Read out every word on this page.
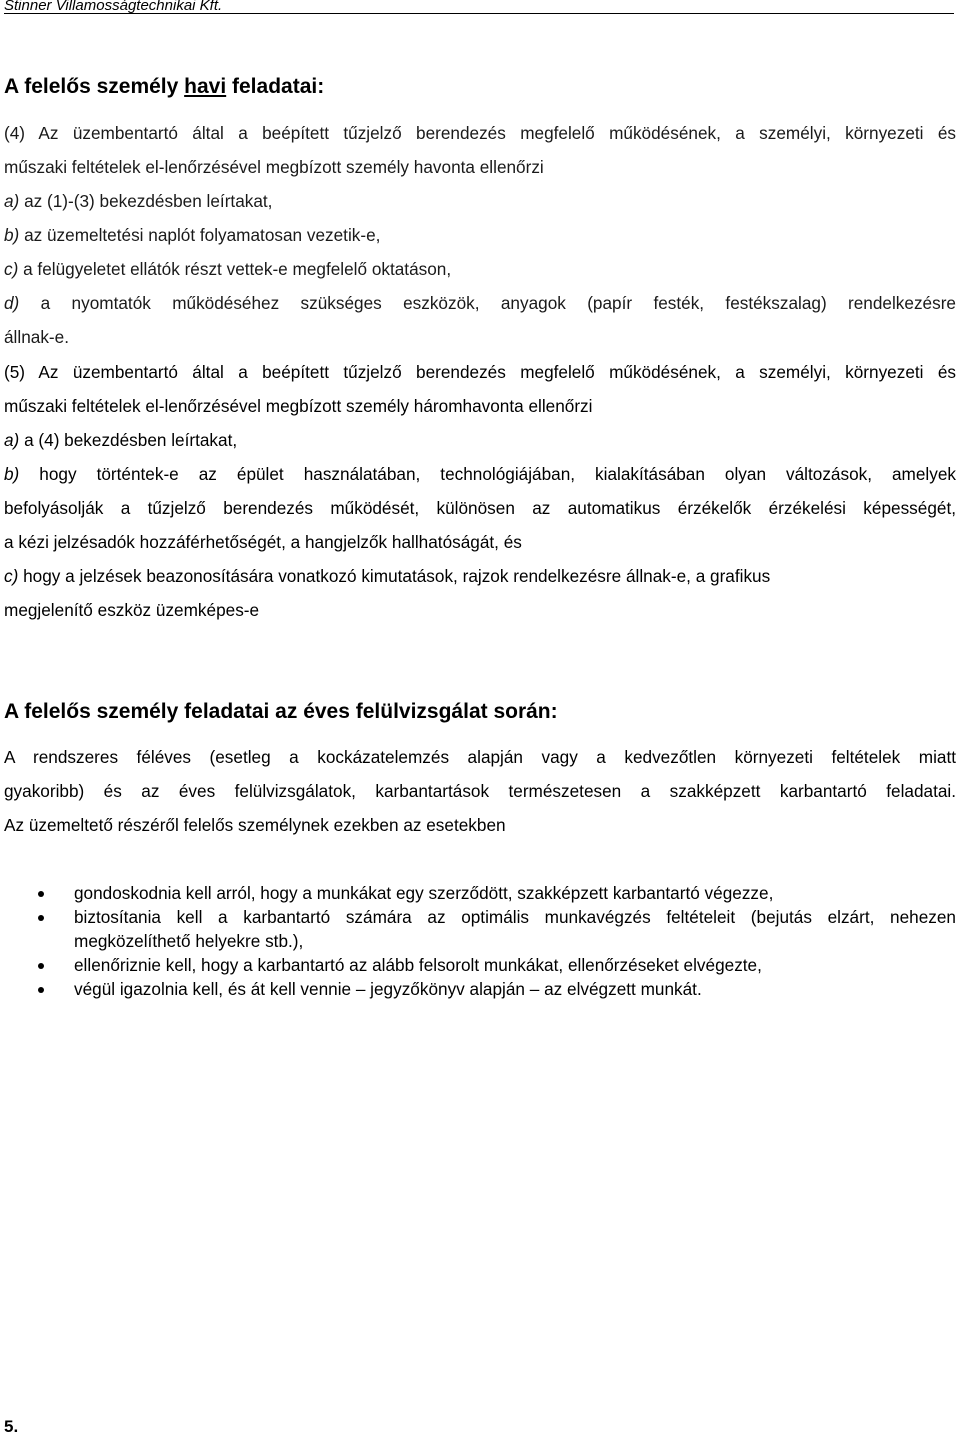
Stinner Villamosságtechnikai Kft.
A felelős személy havi feladatai:

(4) Az üzembentartó által a beépített tűzjelző berendezés megfelelő működésének, a személyi, környezeti és

műszaki feltételek el-lenőrzésével megbízott személy havonta ellenőrzi

a) az (1)-(3) bekezdésben leírtakat,

b) az üzemeltetési naplót folyamatosan vezetik-e,

c) a felügyeletet ellátók részt vettek-e megfelelő oktatáson,

d) a nyomtatók működéséhez szükséges eszközök, anyagok (papír festék, festékszalag) rendelkezésre

állnak-e.

(5) Az üzembentartó által a beépített tűzjelző berendezés megfelelő működésének, a személyi, környezeti és

műszaki feltételek el-lenőrzésével megbízott személy háromhavonta ellenőrzi

a) a (4) bekezdésben leírtakat,

b) hogy történtek-e az épület használatában, technológiájában, kialakításában olyan változások, amelyek

befolyásolják a tűzjelző berendezés működését, különösen az automatikus érzékelők érzékelési képességét,

a kézi jelzésadók hozzáférhetőségét, a hangjelzők hallhatóságát, és

c) hogy a jelzések beazonosítására vonatkozó kimutatások, rajzok rendelkezésre állnak-e, a grafikus

megjelenítő eszköz üzemképes-e

A felelős személy feladatai az éves felülvizsgálat során:

A rendszeres féléves (esetleg a kockázatelemzés alapján vagy a kedvezőtlen környezeti feltételek miatt

gyakoribb) és az éves felülvizsgálatok, karbantartások természetesen a szakképzett karbantartó feladatai.

Az üzemeltető részéről felelős személynek ezekben az esetekben

gondoskodnia kell arról, hogy a munkákat egy szerződött, szakképzett karbantartó végezze,
biztosítania kell a karbantartó számára az optimális munkavégzés feltételeit (bejutás elzárt, nehezen megközelíthető helyekre stb.),
ellenőriznie kell, hogy a karbantartó az alább felsorolt munkákat, ellenőrzéseket elvégezte,
végül igazolnia kell, és át kell vennie – jegyzőkönyv alapján – az elvégzett munkát.
5.
